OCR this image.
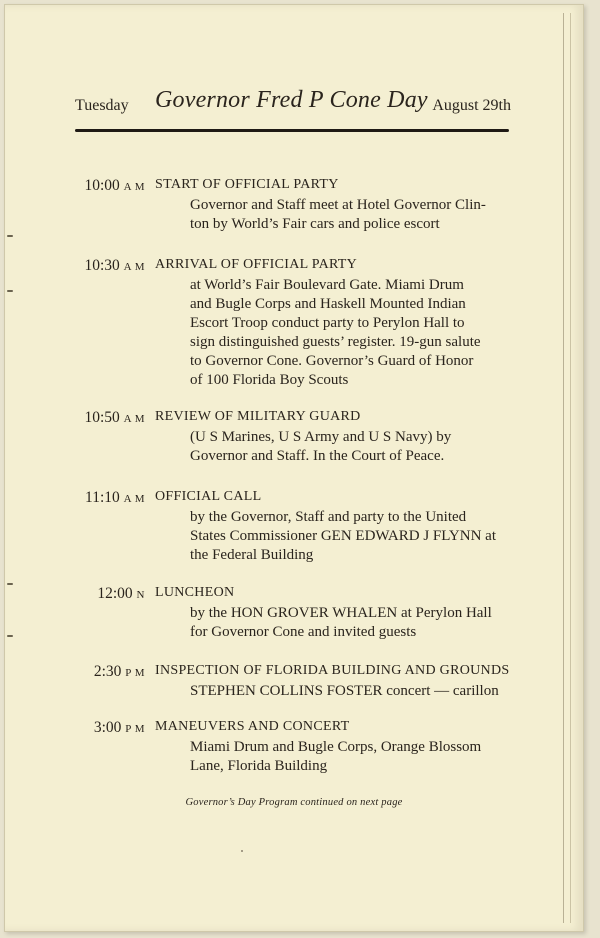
Tuesday Governor Fred P Cone Day August 29th
10:00 A M START OF OFFICIAL PARTY
Governor and Staff meet at Hotel Governor Clin-
ton by World’s Fair cars and police escort
10:30 A M ARRIVAL OF OFFICIAL PARTY
at World’s Fair Boulevard Gate. Miami Drum
and Bugle Corps and Haskell Mounted Indian
Escort Troop conduct party to Perylon Hall to
sign distinguished guests’ register. 19-gun salute
to Governor Cone. Governor’s Guard of Honor
of 100 Florida Boy Scouts
10:50 A M REVIEW OF MILITARY GUARD
(U S Marines, U S Army and U S Navy) by
Governor and Staff. In the Court of Peace.
11:10 A M OFFICIAL CALL
by the Governor, Staff and party to the United
States Commissioner GEN EDWARD J FLYNN at
the Federal Building
12:00 N LUNCHEON
by the HON GROVER WHALEN at Perylon Hall
for Governor Cone and invited guests
2:30 P M INSPECTION OF FLORIDA BUILDING AND GROUNDS
STEPHEN COLLINS FOSTER concert — carillon
3:00 P M MANEUVERS AND CONCERT
Miami Drum and Bugle Corps, Orange Blossom
Lane, Florida Building
Governor’s Day Program continued on next page
